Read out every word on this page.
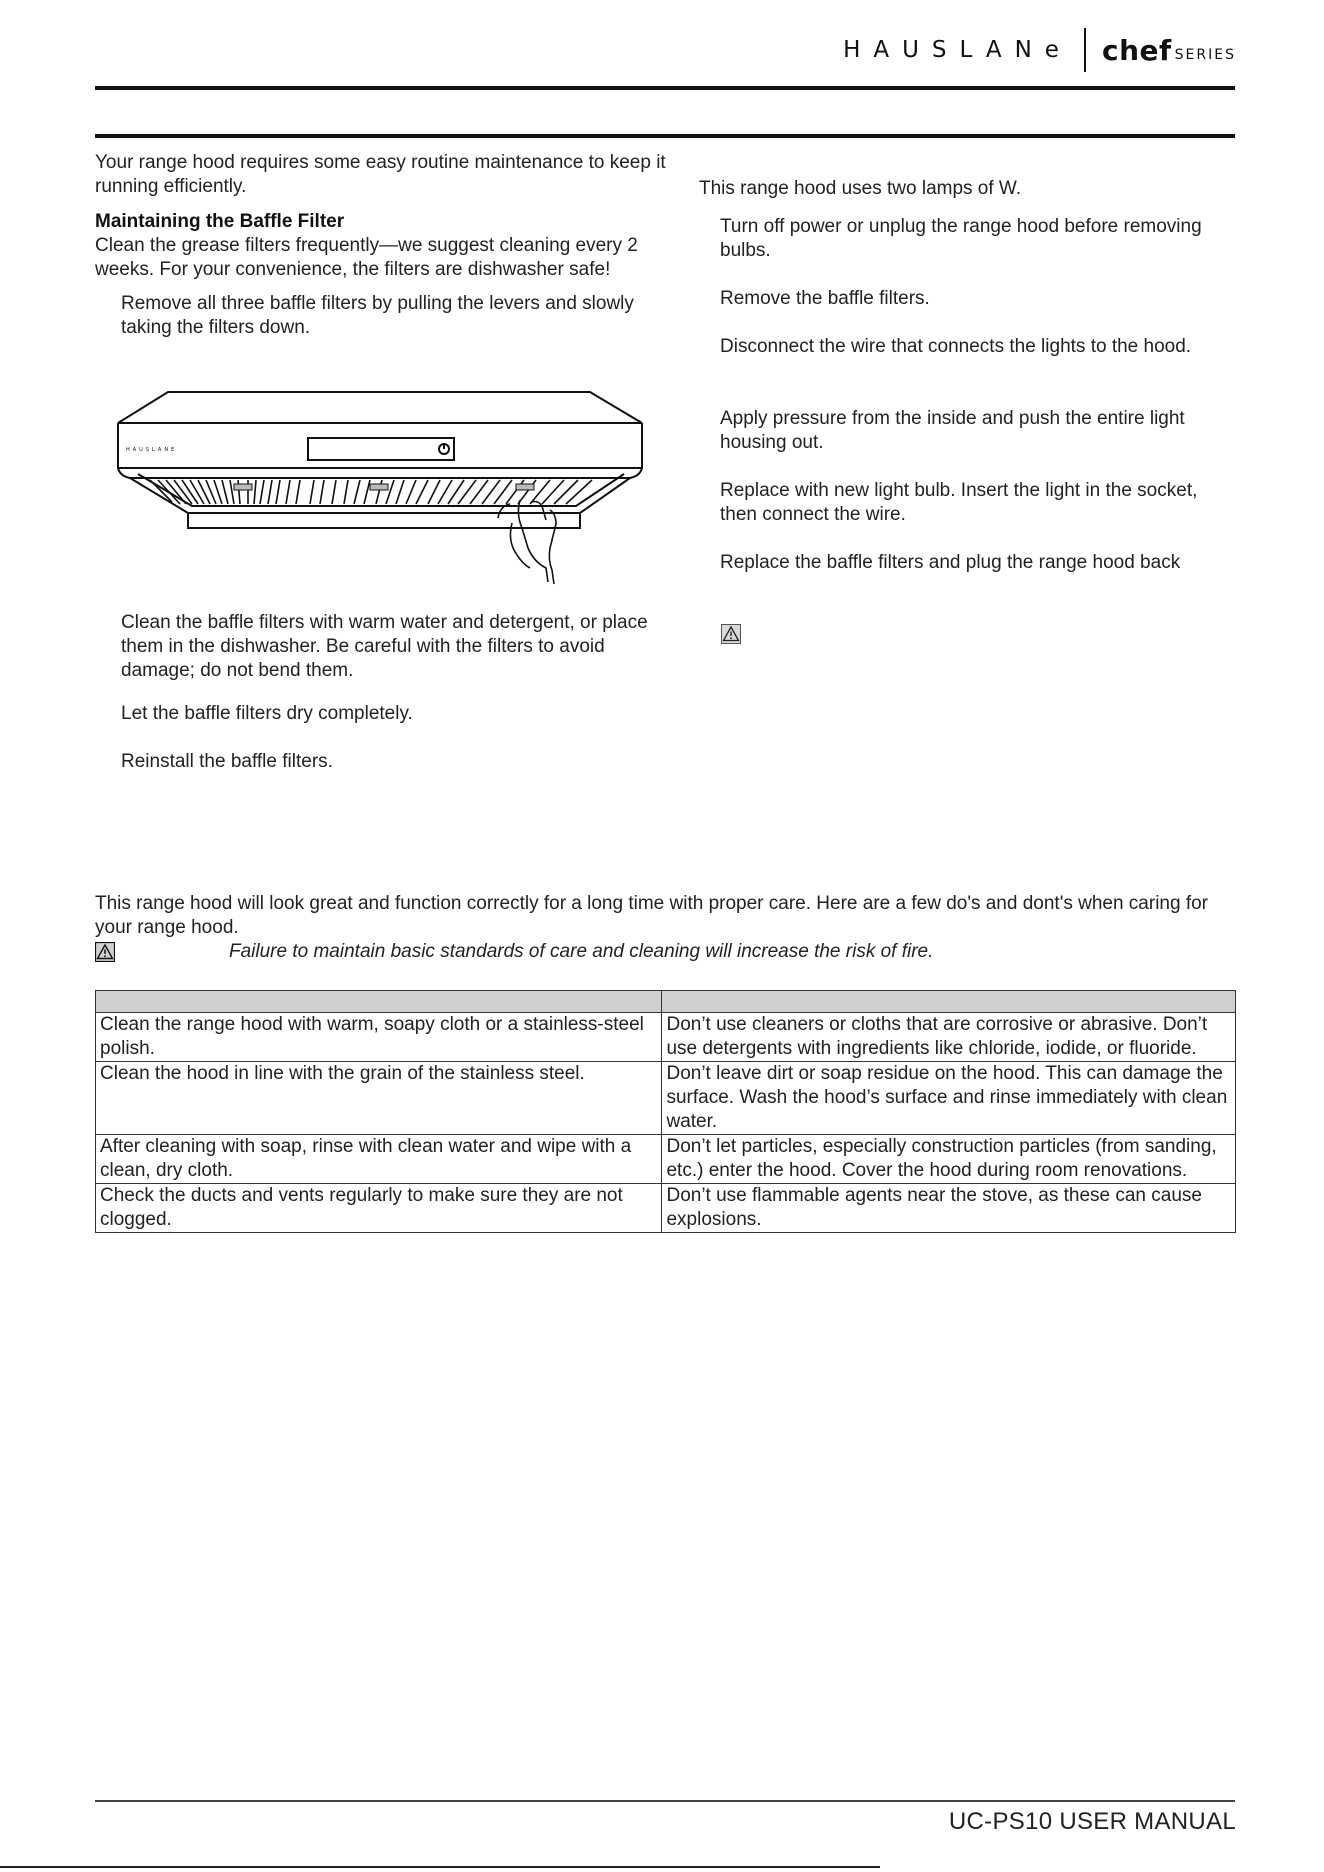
HAUSLANe chef SERIES
Your range hood requires some easy routine maintenance to keep it running efficiently.
Maintaining the Baffle Filter
Clean the grease filters frequently—we suggest cleaning every 2 weeks. For your convenience, the filters are dishwasher safe!
Remove all three baffle filters by pulling the levers and slowly taking the filters down.
HAUSLANE
Clean the baffle filters with warm water and detergent, or place them in the dishwasher. Be careful with the filters to avoid damage; do not bend them.
Let the baffle filters dry completely.
Reinstall the baffle filters.
This range hood uses two lamps of W.
Turn off power or unplug the range hood before removing bulbs.
Remove the baffle filters.
Disconnect the wire that connects the lights to the hood.
Apply pressure from the inside and push the entire light housing out.
Replace with new light bulb. Insert the light in the socket, then connect the wire.
Replace the baffle filters and plug the range hood back
This range hood will look great and function correctly for a long time with proper care. Here are a few do's and dont's when caring for your range hood.
Failure to maintain basic standards of care and cleaning will increase the risk of fire.

Clean the range hood with warm, soapy cloth or a stainless-steel polish.	Don’t use cleaners or cloths that are corrosive or abrasive. Don’t use detergents with ingredients like chloride, iodide, or fluoride.
Clean the hood in line with the grain of the stainless steel.	Don’t leave dirt or soap residue on the hood. This can damage the surface. Wash the hood’s surface and rinse immediately with clean water.
After cleaning with soap, rinse with clean water and wipe with a clean, dry cloth.	Don’t let particles, especially construction particles (from sanding, etc.) enter the hood. Cover the hood during room renovations.
Check the ducts and vents regularly to make sure they are not clogged.	Don’t use flammable agents near the stove, as these can cause explosions.
UC-PS10 USER MANUAL
